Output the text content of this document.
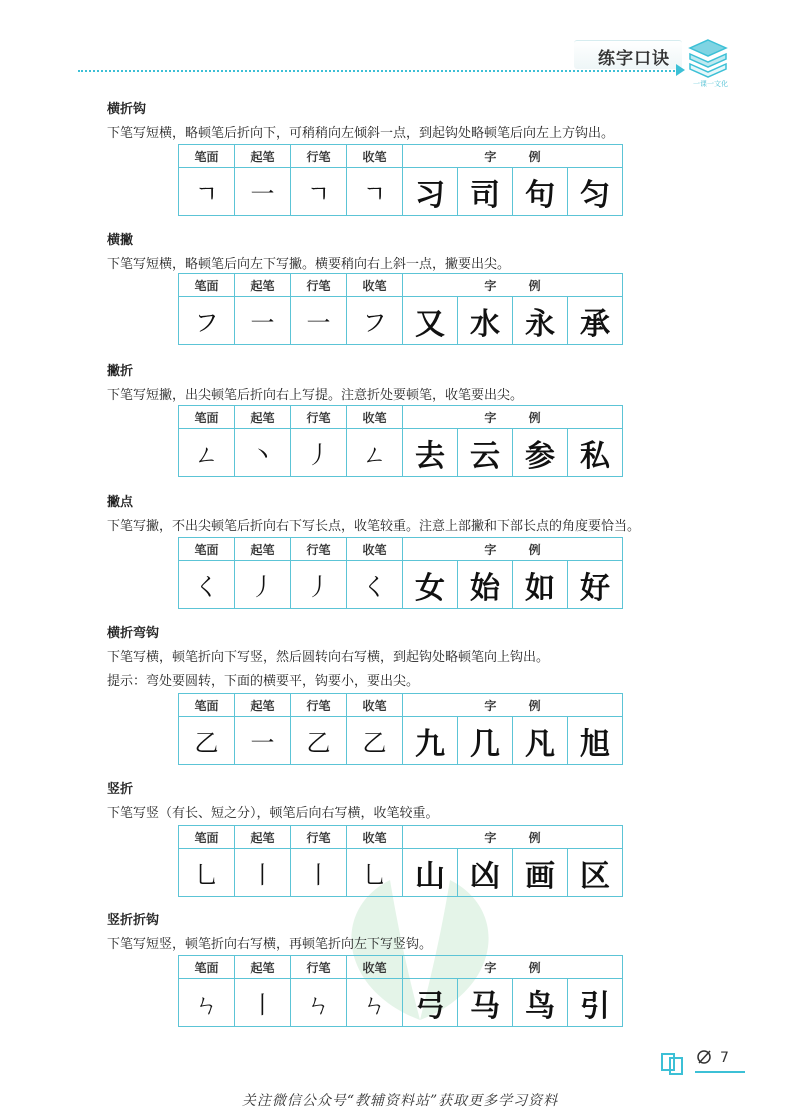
练字口诀
一课一文化
横折钩
下笔写短横，略顿笔后折向下，可稍稍向左倾斜一点，到起钩处略顿笔后向左上方钩出。
笔面	起笔	行笔	收笔	字 例			
ㄱ	一	ㄱ	ㄱ	习	司	句	匀
横撇
下笔写短横，略顿笔后向左下写撇。横要稍向右上斜一点，撇要出尖。
笔面	起笔	行笔	收笔	字 例			
フ	一	一	フ	又	水	永	承
撇折
下笔写短撇，出尖顿笔后折向右上写提。注意折处要顿笔，收笔要出尖。
笔面	起笔	行笔	收笔	字 例			
ㄥ	丶	丿	ㄥ	去	云	参	私
撇点
下笔写撇，不出尖顿笔后折向右下写长点，收笔较重。注意上部撇和下部长点的角度要恰当。
笔面	起笔	行笔	收笔	字 例			
く	丿	丿	く	女	始	如	好
横折弯钩
下笔写横，顿笔折向下写竖，然后圆转向右写横，到起钩处略顿笔向上钩出。
提示：弯处要圆转，下面的横要平，钩要小，要出尖。
笔面	起笔	行笔	收笔	字 例			
乙	一	乙	乙	九	几	凡	旭
竖折
下笔写竖（有长、短之分），顿笔后向右写横，收笔较重。
笔面	起笔	行笔	收笔	字 例			
乚	丨	丨	乚	山	凶	画	区
竖折折钩
下笔写短竖，顿笔折向右写横，再顿笔折向左下写竖钩。
笔面	起笔	行笔	收笔	字 例			
ㄣ	丨	ㄣ	ㄣ	弓	马	鸟	引
7
关注微信公众号“教辅资料站”获取更多学习资料
